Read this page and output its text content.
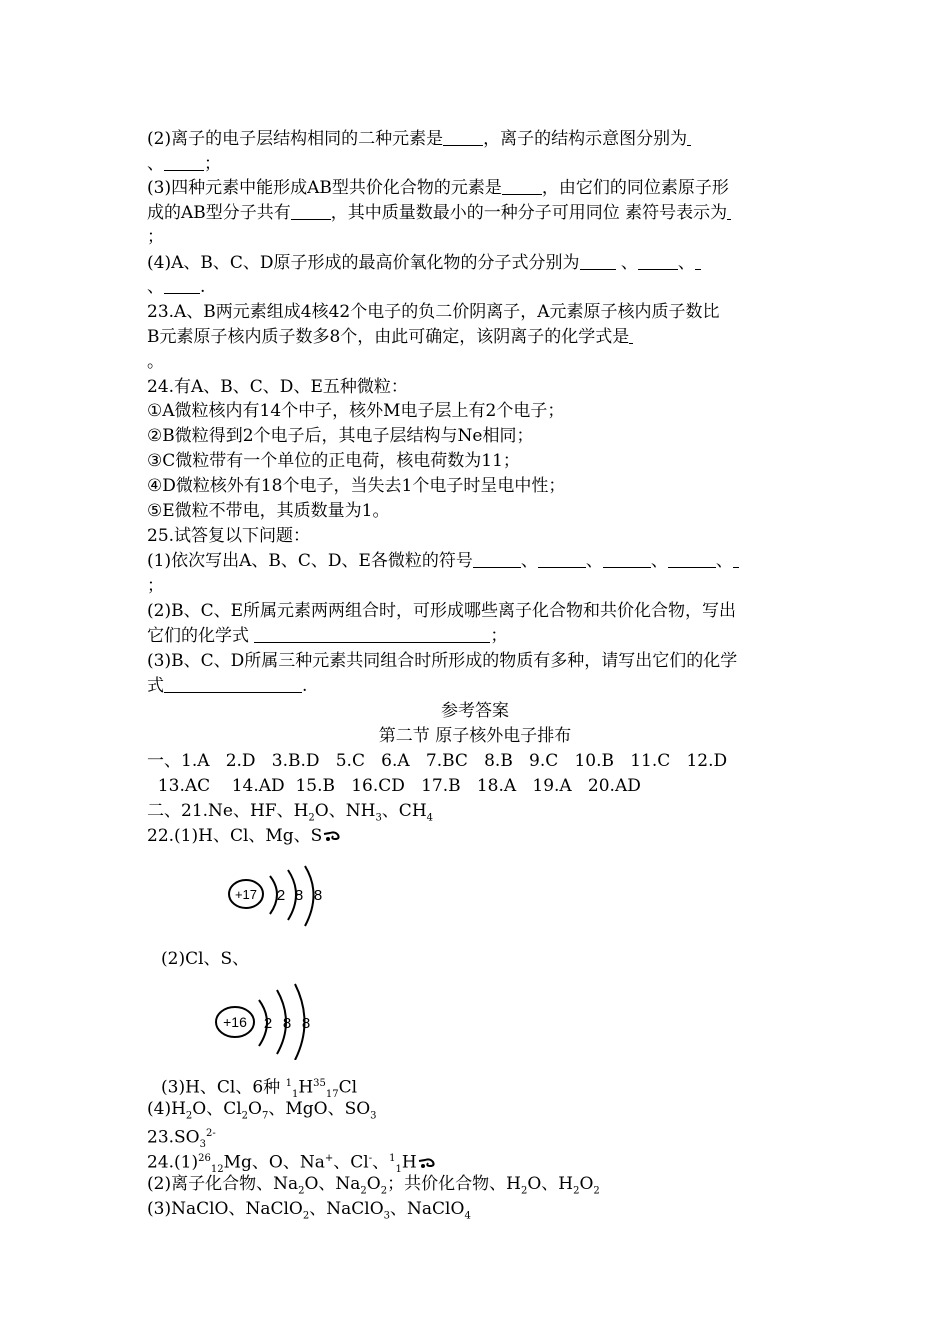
(2)离子的电子层结构相同的二种元素是 ，离子的结构示意图分别为
、 ；
(3)四种元素中能形成AB型共价化合物的元素是 ，由它们的同位素原子形
成的AB型分子共有 ，其中质量数最小的一种分子可用同位 素符号表示为
；
(4)A、B、C、D原子形成的最高价氧化物的分子式分别为 、 、
、 .
23.A、B两元素组成4核42个电子的负二价阴离子，A元素原子核内质子数比
B元素原子核内质子数多8个，由此可确定，该阴离子的化学式是
。
24.有A、B、C、D、E五种微粒：
①A微粒核内有14个中子，核外M电子层上有2个电子；
②B微粒得到2个电子后，其电子层结构与Ne相同；
③C微粒带有一个单位的正电荷，核电荷数为11；
④D微粒核外有18个电子，当失去1个电子时呈电中性；
⑤E微粒不带电，其质数量为1。
25.试答复以下问题：
(1)依次写出A、B、C、D、E各微粒的符号	、	、	、	、
；
(2)B、C、E所属元素两两组合时，可形成哪些离子化合物和共价化合物，写出
它们的化学式	；
(3)B、C、D所属三种元素共同组合时所形成的物质有多种，请写出它们的化学
式	.
参考答案
第二节 原子核外电子排布
一、1.A   2.D   3.B.D   5.C   6.A   7.BC   8.B   9.C   10.B   11.C   12.D
13.AC    14.AD  15.B   16.CD   17.B   18.A   19.A   20.AD
二、21.Ne、HF、$H_2O$、$NH_3$、$CH_4$
22.(1)H、Cl、Mg、S
+17 2 8 8
(2)Cl、S、
+16 2 8 8
(3)H、Cl、6种 $^1_1H^{35}_{17}Cl$
$(4)H_2O$、$Cl_2O_7$、MgO、$SO_3$
$23.SO_3^{2-}$
$24.(1)^{26}_{12}Mg$、O、Na+、Cl-、$^1_1$H
(2)离子化合物、$Na_2O$、$Na_2O_2$；共价化合物、$H_2O$、$H_2O_2$
(3)NaClO、NaClO$_2$、NaClO$_3$、NaClO$_4$
